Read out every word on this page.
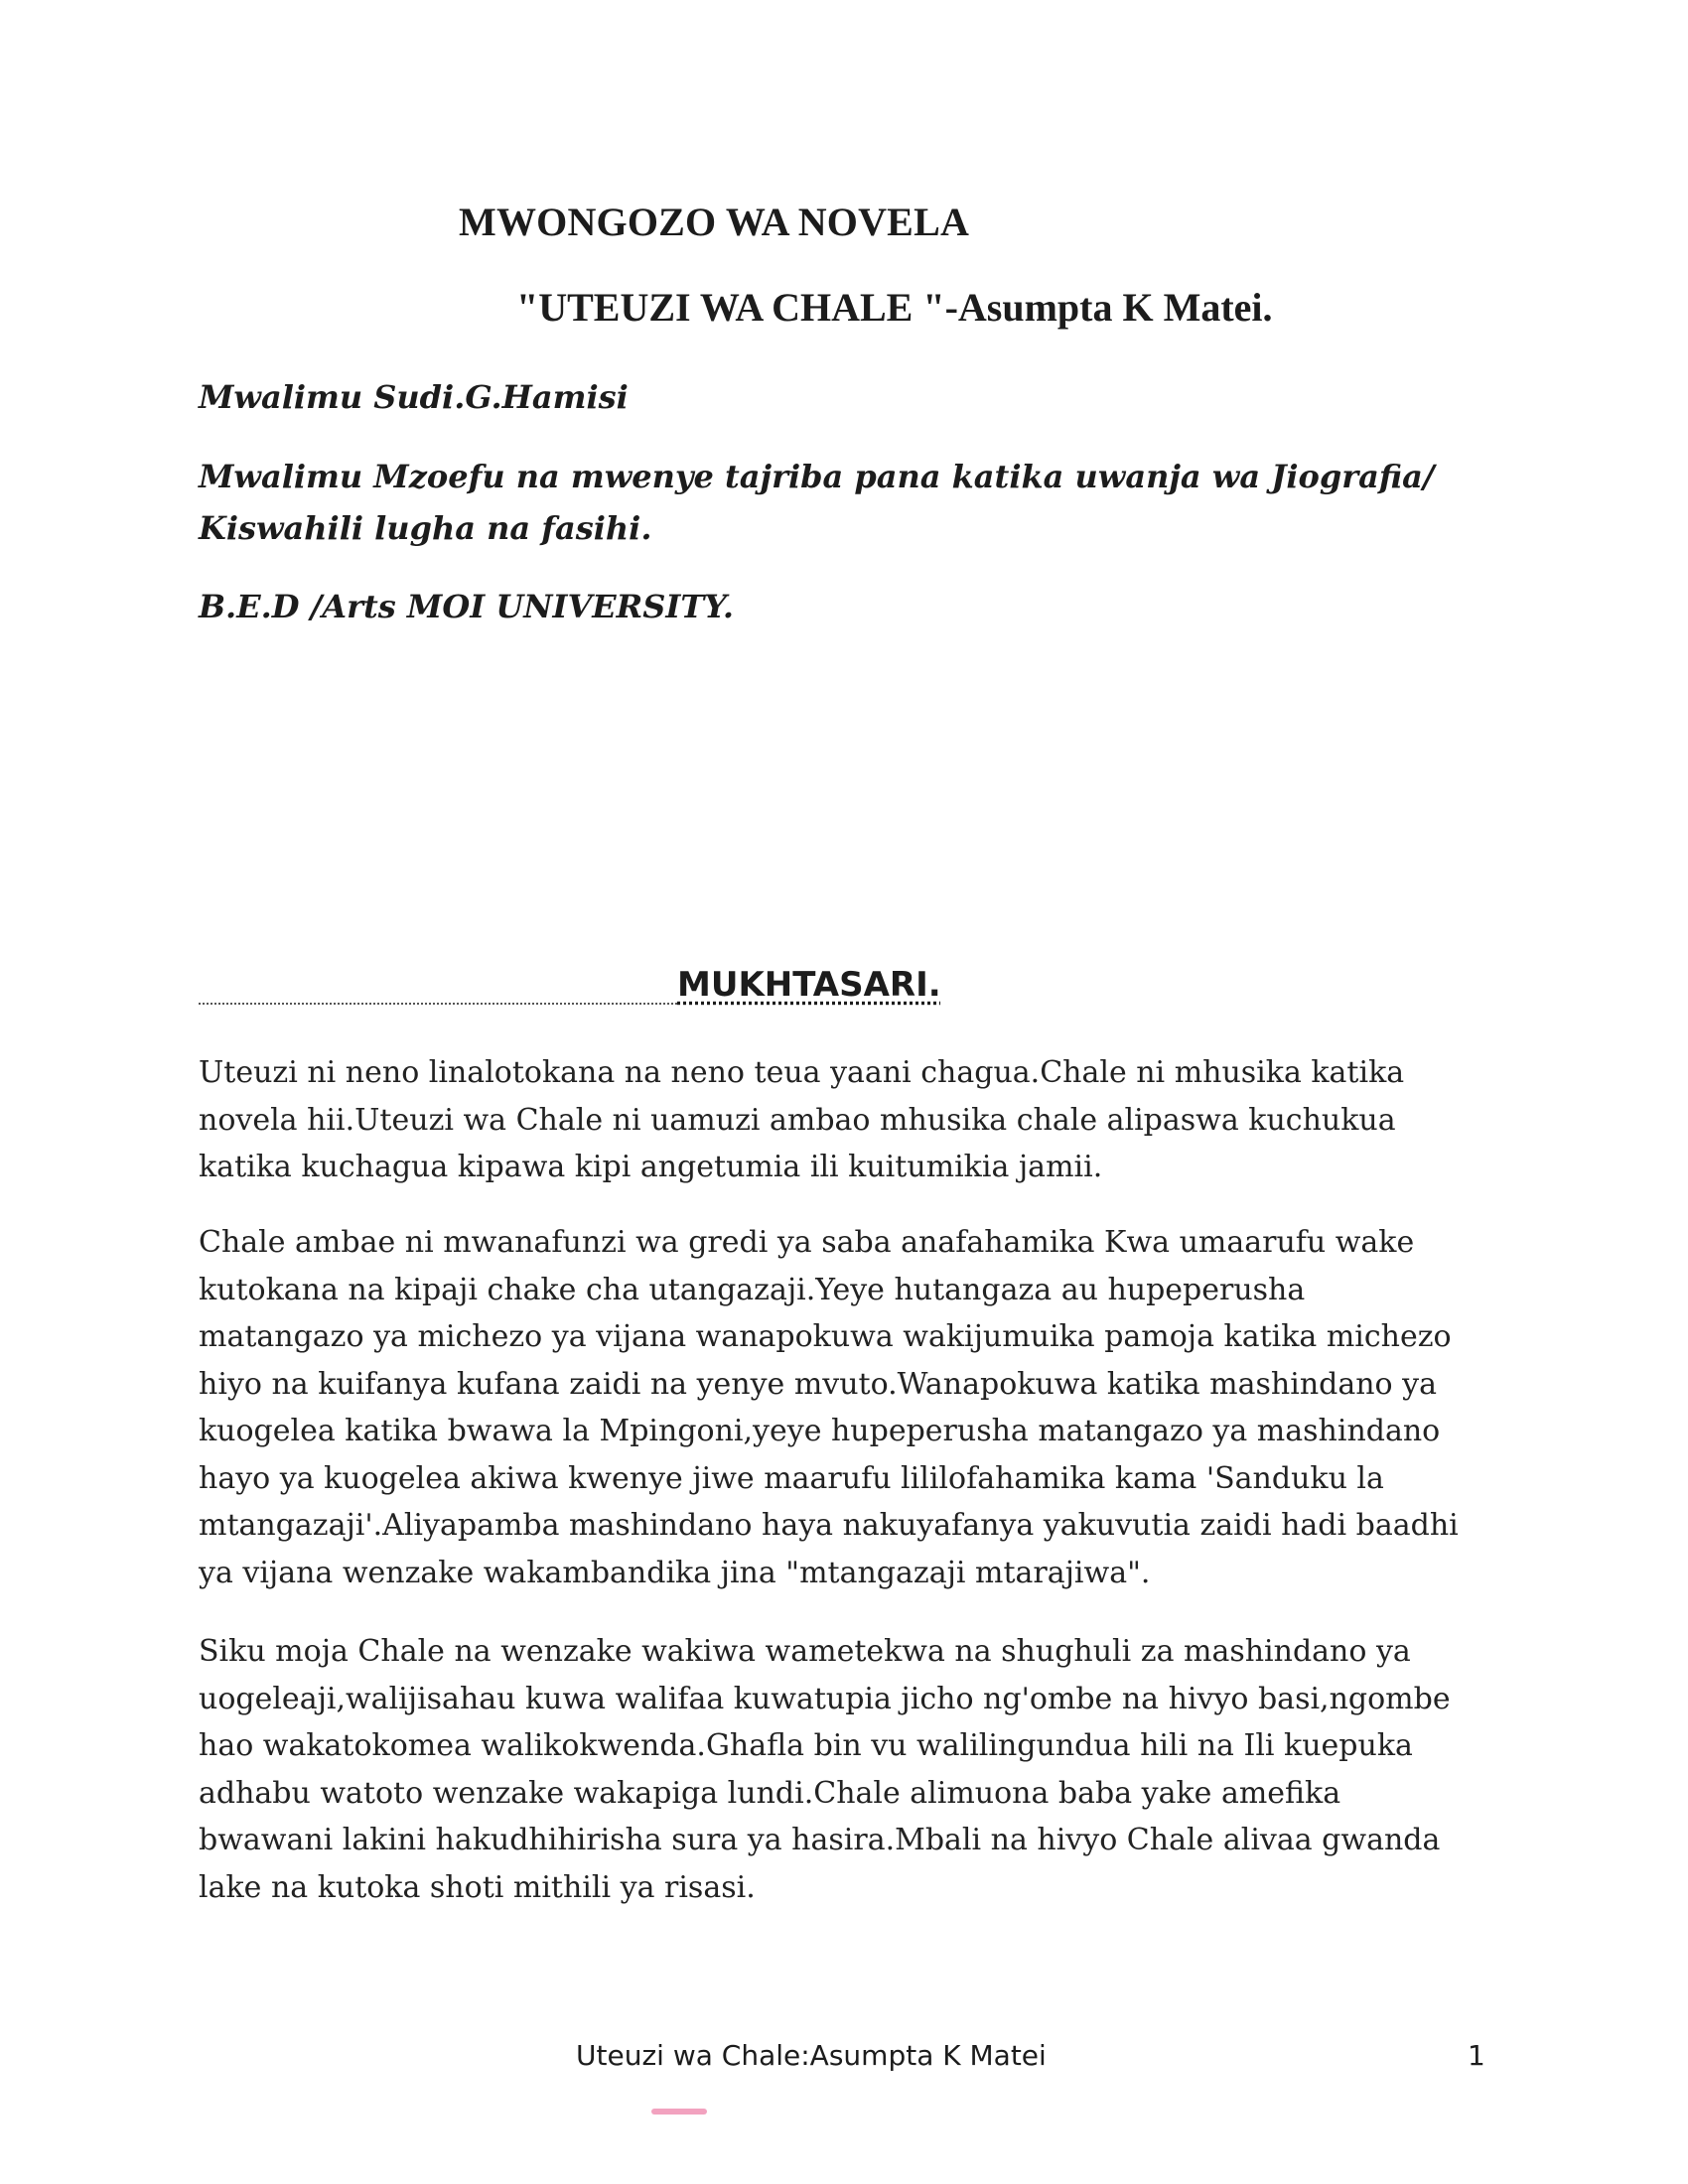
MWONGOZO WA NOVELA
"UTEUZI WA CHALE "-Asumpta K Matei.
Mwalimu Sudi.G.Hamisi
Mwalimu Mzoefu na mwenye tajriba pana katika uwanja wa Jiografia/ Kiswahili lugha na fasihi.
B.E.D /Arts MOI UNIVERSITY.
MUKHTASARI.

Uteuzi ni neno linalotokana na neno teua yaani chagua.Chale ni mhusika katika novela hii.Uteuzi wa Chale ni uamuzi ambao mhusika chale alipaswa kuchukua katika kuchagua kipawa kipi angetumia ili kuitumikia jamii.

Chale ambae ni mwanafunzi wa gredi ya saba anafahamika Kwa umaarufu wake kutokana na kipaji chake cha utangazaji.Yeye hutangaza au hupeperusha matangazo ya michezo ya vijana wanapokuwa wakijumuika pamoja katika michezo hiyo na kuifanya kufana zaidi na yenye mvuto.Wanapokuwa katika mashindano ya kuogelea katika bwawa la Mpingoni,yeye hupeperusha matangazo ya mashindano hayo ya kuogelea akiwa kwenye jiwe maarufu lililofahamika kama 'Sanduku la mtangazaji'.Aliyapamba mashindano haya nakuyafanya yakuvutia zaidi hadi baadhi ya vijana wenzake wakambandika jina "mtangazaji mtarajiwa".

Siku moja Chale na wenzake wakiwa wametekwa na shughuli za mashindano ya uogeleaji,walijisahau kuwa walifaa kuwatupia jicho ng'ombe na hivyo basi,ngombe hao wakatokomea walikokwenda.Ghafla bin vu walilingundua hili na Ili kuepuka adhabu watoto wenzake wakapiga lundi.Chale alimuona baba yake amefika bwawani lakini hakudhihirisha sura ya hasira.Mbali na hivyo Chale alivaa gwanda lake na kutoka shoti mithili ya risasi.

Uteuzi wa Chale:Asumpta K Matei	1
